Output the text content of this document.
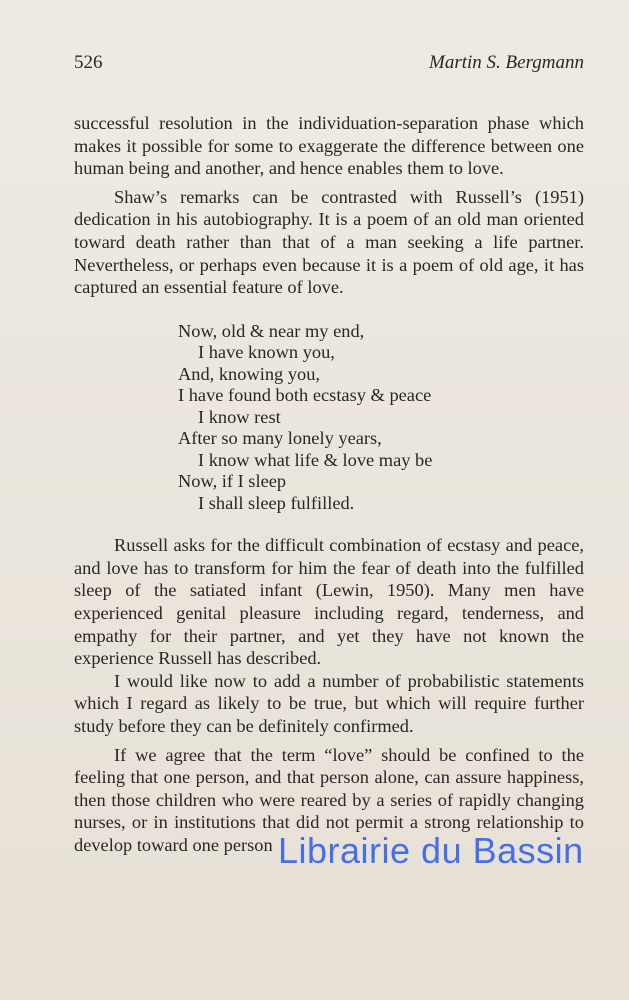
526	Martin S. Bergmann

successful resolution in the individuation-separation phase which makes it possible for some to exaggerate the difference between one human being and another, and hence enables them to love.

Shaw’s remarks can be contrasted with Russell’s (1951) dedication in his autobiography. It is a poem of an old man oriented toward death rather than that of a man seeking a life partner. Nevertheless, or perhaps even because it is a poem of old age, it has captured an essential feature of love.

Now, old & near my end,
I have known you,
And, knowing you,
I have found both ecstasy & peace
I know rest
After so many lonely years,
I know what life & love may be
Now, if I sleep
I shall sleep fulfilled.

Russell asks for the difficult combination of ecstasy and peace, and love has to transform for him the fear of death into the fulfilled sleep of the satiated infant (Lewin, 1950). Many men have experienced genital pleasure including regard, tenderness, and empathy for their partner, and yet they have not known the experience Russell has described.

I would like now to add a number of probabilistic statements which I regard as likely to be true, but which will require further study before they can be definitely confirmed.

If we agree that the term “love” should be confined to the feeling that one person, and that person alone, can assure happiness, then those children who were reared by a series of rapidly changing nurses, or in institutions that did not permit a strong relationship to develop toward one person Librairie du Bassin
